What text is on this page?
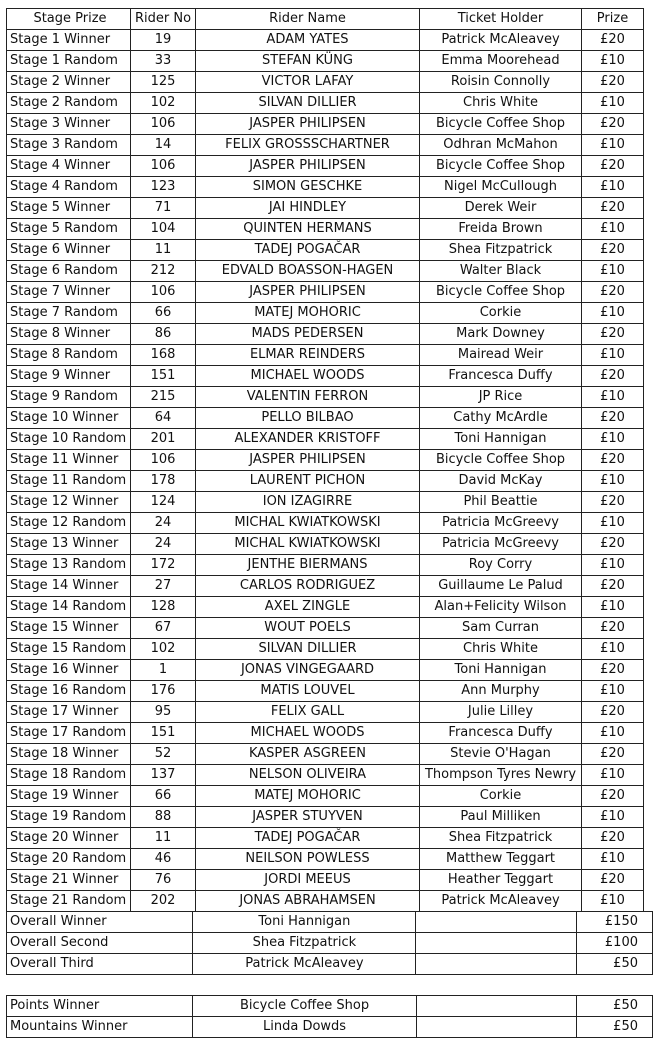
Stage Prize	Rider No	Rider Name	Ticket Holder	Prize
Stage 1 Winner	19	ADAM YATES	Patrick McAleavey	£20
Stage 1 Random	33	STEFAN KÜNG	Emma Moorehead	£10
Stage 2 Winner	125	VICTOR LAFAY	Roisin Connolly	£20
Stage 2 Random	102	SILVAN DILLIER	Chris White	£10
Stage 3 Winner	106	JASPER PHILIPSEN	Bicycle Coffee Shop	£20
Stage 3 Random	14	FELIX GROSSSCHARTNER	Odhran McMahon	£10
Stage 4 Winner	106	JASPER PHILIPSEN	Bicycle Coffee Shop	£20
Stage 4 Random	123	SIMON GESCHKE	Nigel McCullough	£10
Stage 5 Winner	71	JAI HINDLEY	Derek Weir	£20
Stage 5 Random	104	QUINTEN HERMANS	Freida Brown	£10
Stage 6 Winner	11	TADEJ POGAČAR	Shea Fitzpatrick	£20
Stage 6 Random	212	EDVALD BOASSON-HAGEN	Walter Black	£10
Stage 7 Winner	106	JASPER PHILIPSEN	Bicycle Coffee Shop	£20
Stage 7 Random	66	MATEJ MOHORIC	Corkie	£10
Stage 8 Winner	86	MADS PEDERSEN	Mark Downey	£20
Stage 8 Random	168	ELMAR REINDERS	Mairead Weir	£10
Stage 9 Winner	151	MICHAEL WOODS	Francesca Duffy	£20
Stage 9 Random	215	VALENTIN FERRON	JP Rice	£10
Stage 10 Winner	64	PELLO BILBAO	Cathy McArdle	£20
Stage 10 Random	201	ALEXANDER KRISTOFF	Toni Hannigan	£10
Stage 11 Winner	106	JASPER PHILIPSEN	Bicycle Coffee Shop	£20
Stage 11 Random	178	LAURENT PICHON	David McKay	£10
Stage 12 Winner	124	ION IZAGIRRE	Phil Beattie	£20
Stage 12 Random	24	MICHAL KWIATKOWSKI	Patricia McGreevy	£10
Stage 13 Winner	24	MICHAL KWIATKOWSKI	Patricia McGreevy	£20
Stage 13 Random	172	JENTHE BIERMANS	Roy Corry	£10
Stage 14 Winner	27	CARLOS RODRIGUEZ	Guillaume Le Palud	£20
Stage 14 Random	128	AXEL ZINGLE	Alan+Felicity Wilson	£10
Stage 15 Winner	67	WOUT POELS	Sam Curran	£20
Stage 15 Random	102	SILVAN DILLIER	Chris White	£10
Stage 16 Winner	1	JONAS VINGEGAARD	Toni Hannigan	£20
Stage 16 Random	176	MATIS LOUVEL	Ann Murphy	£10
Stage 17 Winner	95	FELIX GALL	Julie Lilley	£20
Stage 17 Random	151	MICHAEL WOODS	Francesca Duffy	£10
Stage 18 Winner	52	KASPER ASGREEN	Stevie O'Hagan	£20
Stage 18 Random	137	NELSON OLIVEIRA	Thompson Tyres Newry	£10
Stage 19 Winner	66	MATEJ MOHORIC	Corkie	£20
Stage 19 Random	88	JASPER STUYVEN	Paul Milliken	£10
Stage 20 Winner	11	TADEJ POGAČAR	Shea Fitzpatrick	£20
Stage 20 Random	46	NEILSON POWLESS	Matthew Teggart	£10
Stage 21 Winner	76	JORDI MEEUS	Heather Teggart	£20
Stage 21 Random	202	JONAS ABRAHAMSEN	Patrick McAleavey	£10
Overall Winner	Toni Hannigan		£150
Overall Second	Shea Fitzpatrick		£100
Overall Third	Patrick McAleavey		£50
Points Winner	Bicycle Coffee Shop		£50
Mountains Winner	Linda Dowds		£50
